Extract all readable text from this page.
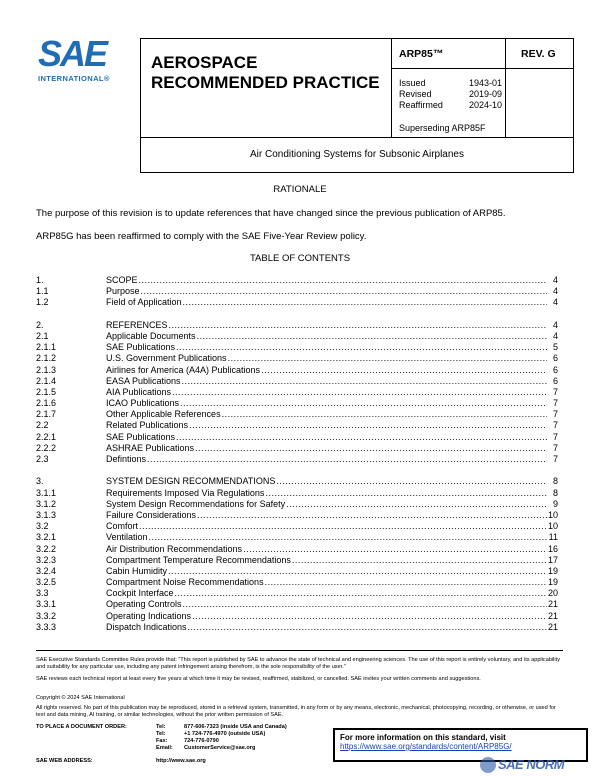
SAE
INTERNATIONAL®
AEROSPACE
RECOMMENDED PRACTICE
ARP85™	REV. G
Issued	1943-01
Revised	2019-09
Reaffirmed	2024-10
Superseding ARP85F
Air Conditioning Systems for Subsonic Airplanes
RATIONALE
The purpose of this revision is to update references that have changed since the previous publication of ARP85.
ARP85G has been reaffirmed to comply with the SAE Five-Year Review policy.
TABLE OF CONTENTS
1.	SCOPE .....	4
1.1	Purpose .....	4
1.2	Field of Application .....	4
2.	REFERENCES .....	4
2.1	Applicable Documents .....	4
2.1.1	SAE Publications .....	5
2.1.2	U.S. Government Publications .....	6
2.1.3	Airlines for America (A4A) Publications .....	6
2.1.4	EASA Publications .....	6
2.1.5	AIA Publications .....	7
2.1.6	ICAO Publications .....	7
2.1.7	Other Applicable References .....	7
2.2	Related Publications .....	7
2.2.1	SAE Publications .....	7
2.2.2	ASHRAE Publications .....	7
2.3	Defintions .....	7
3.	SYSTEM DESIGN RECOMMENDATIONS .....	8
3.1.1	Requirements Imposed Via Regulations .....	8
3.1.2	System Design Recommendations for Safety .....	9
3.1.3	Failure Considerations .....	10
3.2	Comfort .....	10
3.2.1	Ventilation .....	11
3.2.2	Air Distribution Recommendations .....	16
3.2.3	Compartment Temperature Recommendations .....	17
3.2.4	Cabin Humidity .....	19
3.2.5	Compartment Noise Recommendations .....	19
3.3	Cockpit Interface .....	20
3.3.1	Operating Controls .....	21
3.3.2	Operating Indications .....	21
3.3.3	Dispatch Indications .....	21
SAE Executive Standards Committee Rules provide that: “This report is published by SAE to advance the state of technical and engineering sciences. The use of this report is entirely voluntary, and its applicability and suitability for any particular use, including any patent infringement arising therefrom, is the sole responsibility of the user.”
SAE reviews each technical report at least every five years at which time it may be revised, reaffirmed, stabilized, or cancelled. SAE invites your written comments and suggestions.
Copyright © 2024 SAE International
All rights reserved. No part of this publication may be reproduced, stored in a retrieval system, transmitted, in any form or by any means, electronic, mechanical, photocopying, recording, or otherwise, or used for text and data mining, AI training, or similar technologies, without the prior written permission of SAE.
TO PLACE A DOCUMENT ORDER:	Tel:	877-606-7323 (inside USA and Canada)
Tel:	+1 724-776-4970 (outside USA)
Fax:	724-776-0790
Email:	CustomerService@sae.org
SAE WEB ADDRESS:	http://www.sae.org
For more information on this standard, visit
https://www.sae.org/standards/content/ARP85G/
SAE NORM
